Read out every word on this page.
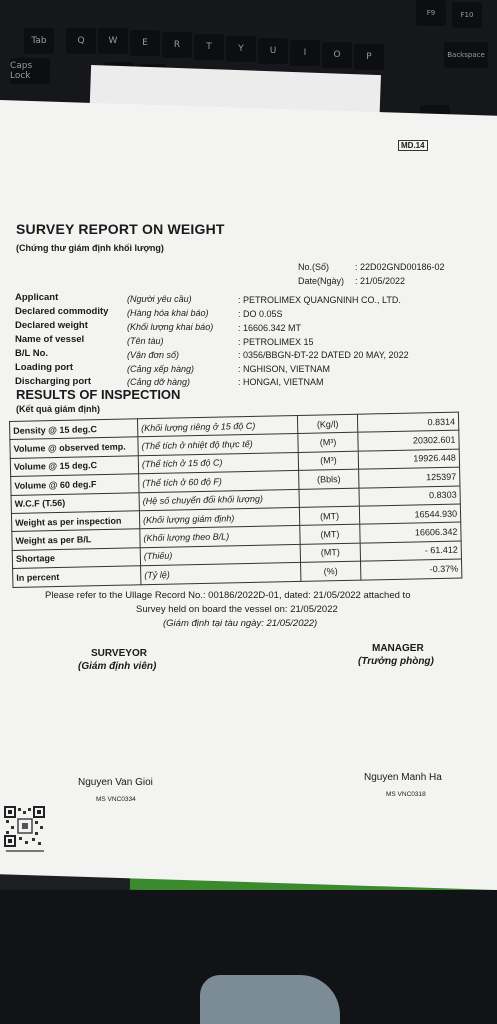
Tab	Q	W	E	R	T	Y	U	I	O	P
Caps Lock
Backspace
F9	F10
MD.14
SURVEY REPORT ON WEIGHT
(Chứng thư giám định khối lượng)
No.(Số)	: 22D02GND00186-02
Date(Ngày) : 21/05/2022
Applicant	(Người yêu cầu)	: PETROLIMEX QUANGNINH CO., LTD.
Declared commodity (Hàng hóa khai báo)	: DO 0.05S
Declared weight	(Khối lượng khai báo)	: 16606.342 MT
Name of vessel	(Tên tàu)	: PETROLIMEX 15
B/L No.	(Vận đơn số)	: 0356/BBGN-ĐT-22 DATED 20 MAY, 2022
Loading port	(Cảng xếp hàng)	: NGHISON, VIETNAM
Discharging port	(Cảng dỡ hàng)	: HONGAI, VIETNAM
RESULTS OF INSPECTION
(Kết quả giám định)
Density @ 15 deg.C	(Khối lượng riêng ở 15 độ C)	(Kg/l)	0.8314
Volume @ observed temp.	(Thể tích ở nhiệt độ thực tế)	(M³)	20302.601
Volume @ 15 deg.C	(Thể tích ở 15 độ C)	(M³)	19926.448
Volume @ 60 deg.F	(Thể tích ở 60 độ F)	(Bbls)	125397
W.C.F (T.56)	(Hệ số chuyển đổi khối lượng)		0.8303
Weight as per inspection	(Khối lượng giám định)	(MT)	16544.930
Weight as per B/L	(Khối lượng theo B/L)	(MT)	16606.342
Shortage	(Thiếu)	(MT)	- 61.412
In percent	(Tỷ lệ)	(%)	-0.37%
Please refer to the Ullage Record No.: 00186/2022D-01, dated: 21/05/2022 attached to
Survey held on board the vessel on: 21/05/2022
(Giám định tại tàu ngày: 21/05/2022)
SURVEYOR
(Giám định viên)
MANAGER
(Trưởng phòng)
Nguyen Van Gioi
MS VNC0334
Nguyen Manh Ha
MS VNC0318
